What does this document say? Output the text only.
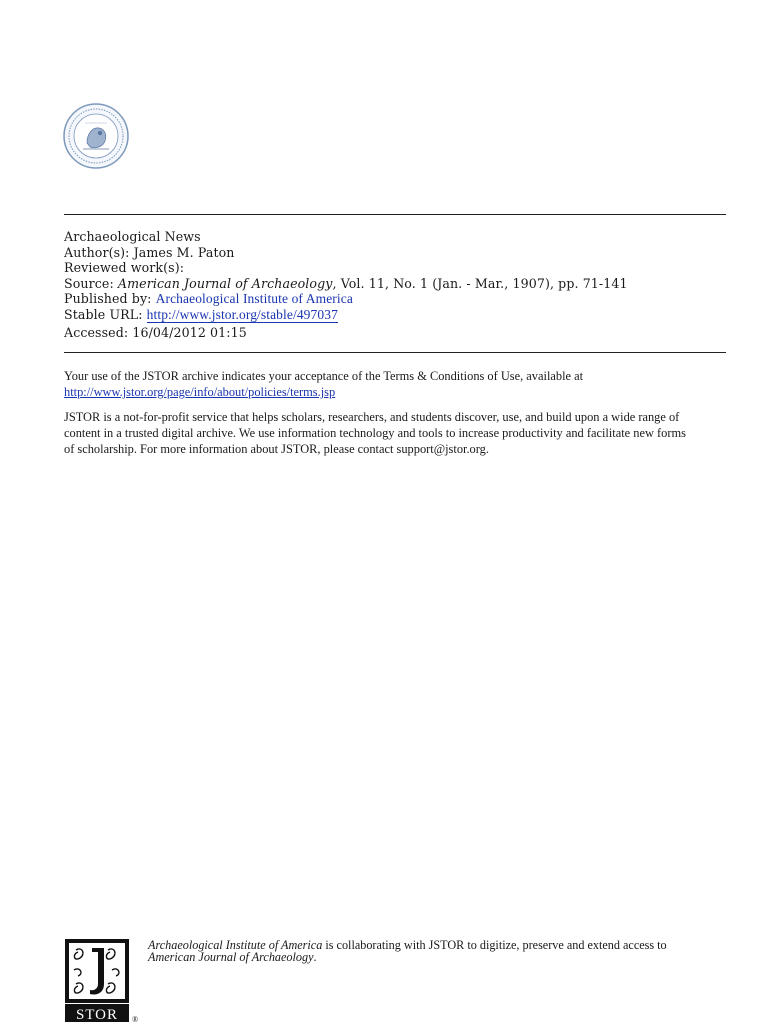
Archaeological News
Author(s): James M. Paton
Reviewed work(s):
Source: American Journal of Archaeology, Vol. 11, No. 1 (Jan. - Mar., 1907), pp. 71-141
Published by: Archaeological Institute of America
Stable URL: http://www.jstor.org/stable/497037
Accessed: 16/04/2012 01:15

Your use of the JSTOR archive indicates your acceptance of the Terms & Conditions of Use, available at
http://www.jstor.org/page/info/about/policies/terms.jsp

JSTOR is a not-for-profit service that helps scholars, researchers, and students discover, use, and build upon a wide range of
content in a trusted digital archive. We use information technology and tools to increase productivity and facilitate new forms
of scholarship. For more information about JSTOR, please contact support@jstor.org.

STOR ®
Archaeological Institute of America is collaborating with JSTOR to digitize, preserve and extend access to
American Journal of Archaeology.
